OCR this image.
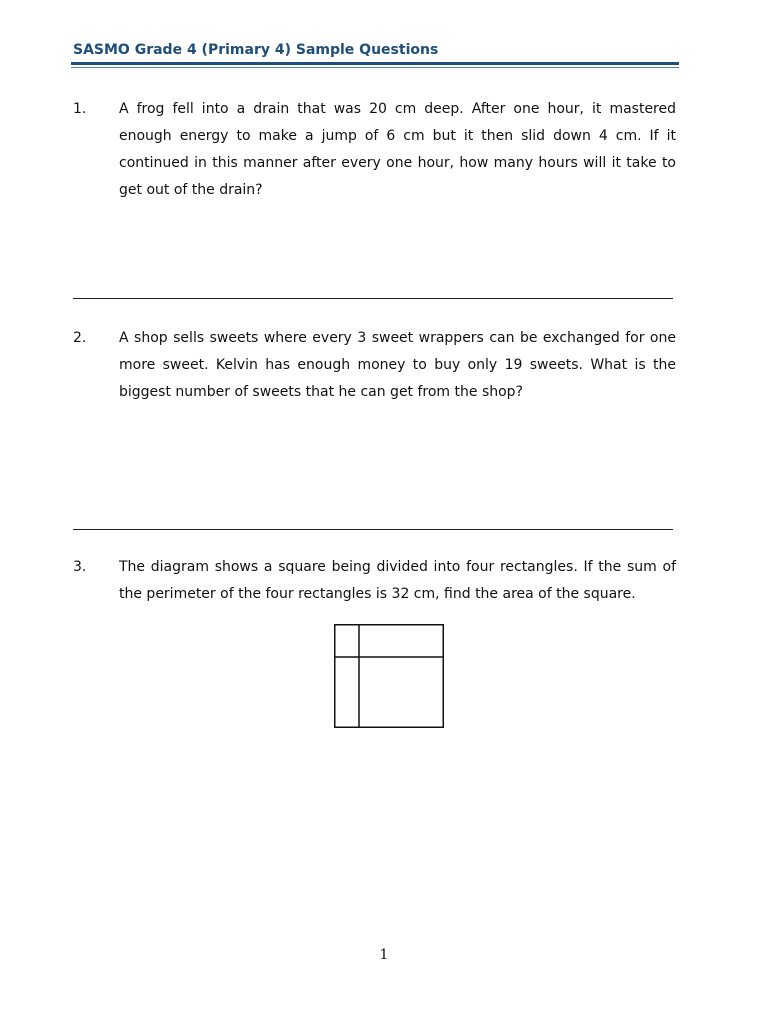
SASMO Grade 4 (Primary 4) Sample Questions
1.	A frog fell into a drain that was 20 cm deep. After one hour, it mastered enough energy to make a jump of 6 cm but it then slid down 4 cm. If it continued in this manner after every one hour, how many hours will it take to get out of the drain?
2.	A shop sells sweets where every 3 sweet wrappers can be exchanged for one more sweet. Kelvin has enough money to buy only 19 sweets. What is the biggest number of sweets that he can get from the shop?
3.	The diagram shows a square being divided into four rectangles. If the sum of the perimeter of the four rectangles is 32 cm, find the area of the square.
1
